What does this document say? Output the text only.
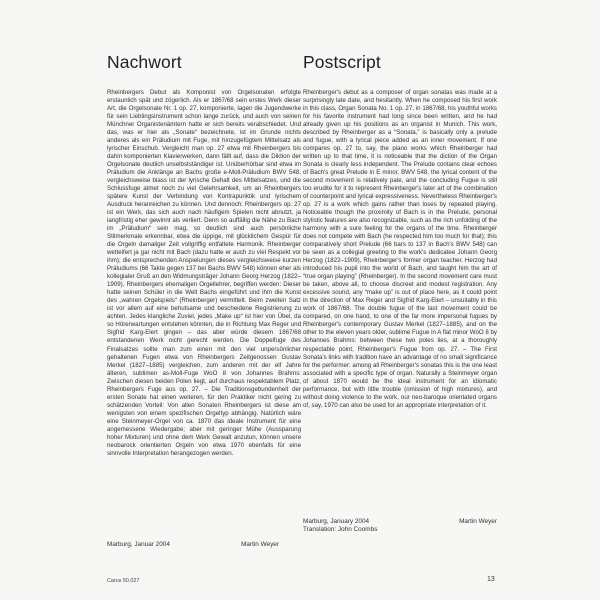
Nachwort

Rheinbergers Debut als Komponist von Orgelsonaten erfolgte erstaunlich spät und zögerlich. Als er 1867/68 sein erstes Werk dieser Art, die Orgelsonate Nr. 1 op. 27, komponierte, lagen die Jugendwerke für sein Lieblingsinstrument schon lange zurück, und auch von seinen Münchner Organistenämtern hatte er sich bereits verabschiedet. Und das, was er hier als „Sonate“ bezeichnete, ist im Grunde nichts anderes als ein Präludium mit Fuge, mit hinzugefügtem Mittelsatz als lyrischer Einschub. Vergleicht man op. 27 etwa mit Rheinbergers bis dahin komponierten Klavierwerken, dann fällt auf, dass die Diktion der Orgelsonate deutlich unselbstständiger ist. Unüberhörbar sind etwa im Präludium die Anklänge an Bachs große e-Moll-Präludium BWV 548, vergleichsweise blass ist der lyrische Gehalt des Mittelsatzes, und die Schlussfuge atmet noch zu viel Gelehrsamkeit, um an Rheinbergers spätere Kunst der Verbindung von Kontrapunktik und lyrischem Ausdruck heranreichen zu können. Und dennoch: Rheinbergers op. 27 ist ein Werk, das sich auch nach häufigem Spielen nicht abnutzt, ja langfristig eher gewinnt als verliert. Denn so auffällig die Nähe zu Bach im „Präludium“ sein mag, so deutlich sind auch persönliche Stilmerkmale erkennbar, etwa die üppige, mit glücklichem Gespür für die Orgeln damaliger Zeit vollgriffig entfaltete Harmonik. Rheinberger wetteifert ja gar nicht mit Bach (dazu hatte er auch zu viel Respekt vor ihm); die entsprechenden Anspielungen dieses vergleichsweise kurzen Präludiums (66 Takte gegen 137 bei Bachs BWV 548) können eher als kollegialer Gruß an den Widmungsträger Johann Georg Herzog (1822–1909), Rheinbergers ehemaligen Orgellehrer, begriffen werden: Dieser hatte seinen Schüler in die Welt Bachs eingeführt und ihm die Kunst des „wahren Orgelspiels“ (Rheinberger) vermittelt. Beim zweiten Satz ist vor allem auf eine behutsame und bescheidene Registrierung zu achten. Jedes klangliche Zuviel, jedes „Make up“ ist hier von Übel, da so Hörerwartungen entstehen könnten, die in Richtung Max Reger und Sigfrid Karg-Elert gingen – das aber würde diesem 1867/68 entstandenen Werk nicht gerecht werden. Die Doppelfuge des Finalsatzes sollte man zum einen mit den viel unpersönlicher gehaltenen Fugen etwa von Rheinbergers Zeitgenossen Gustav Merkel (1827–1885) vergleichen, zum anderen mit der elf Jahre älteren, sublimen as-Moll-Fuge WoO 8 von Johannes Brahms: Zwischen diesen beiden Polen liegt, auf durchaus respektablem Platz, Rheinbergers Fuge aus op. 27. – Die Traditionsgebundenheit der ersten Sonate hat einen weiteren, für den Praktiker nicht gering zu schätzenden Vorteil: Von allen Sonaten Rheinbergers ist diese am wenigsten von einem spezifischen Orgeltyp abhängig. Natürlich wäre eine Steinmeyer-Orgel von ca. 1870 das ideale Instrument für eine angemessene Wiedergabe; aber mit geringer Mühe (Aussparung hoher Mixturen) und ohne dem Werk Gewalt anzutun, können unsere neobarock orientierten Orgeln von etwa 1970 ebenfalls für eine sinnvolle Interpretation herangezogen werden.

Marburg, Januar 2004	Martin Weyer
Postscript

Rheinberger's debut as a composer of organ sonatas was made at a surprisingly late date, and hesitantly. When he composed his first work in this class, Organ Sonata No. 1 op. 27, in 1867/68, his youthful works for his favorite instrument had long since been written, and he had already given up his positions as an organist in Munich. This work, described by Rheinberger as a “Sonata,” is basically only a prelude and fugue, with a lyrical piece added as an inner movement. If one compares op. 27 to, say, the piano works which Rheinberger had written up to that time, it is noticeable that the diction of the Organ Sonata is clearly less independent. The Prelude contains clear echoes of Bach's great Prelude in E minor, BWV 548, the lyrical content of the second movement is relatively pale, and the concluding Fugue is still too erudite for it to represent Rheinberger's later art of the combination of counterpoint and lyrical expressiveness. Nevertheless Rheinberger's op. 27 is a work which gains rather than loses by repeated playing. Noticeable though the proximity of Bach is in the Prelude, personal stylistic features are also recognizable, such as the rich unfolding of the harmony with a sure feeling for the organs of the time. Rheinberger does not compete with Bach (he respected him too much for that); this comparatively short Prelude (66 bars to 137 in Bach's BWV 548) can be seen as a collegial greeting to the work's dedicatee Johann Georg Herzog (1822–1909), Rheinberger's former organ teacher. Herzog had introduced his pupil into the world of Bach, and taught him the art of “true organ playing” (Rheinberger). In the second movement care must be taken, above all, to choose discreet and modest registration. Any excessive sound, any “make up” is out of place here, as it could point in the direction of Max Reger and Sigfrid Karg-Elert – unsuitably in this work of 1867/68. The double fugue of the last movement could be compared, on one hand, to one of the far more impersonal fugues by Rheinberger's contemporary Gustav Merkel (1827–1885), and on the other to the eleven years older, sublime Fugue in A flat minor WoO 8 by Johannes Brahms: between these two poles lies, at a thoroughly respectable point, Rheinberger's Fugue from op. 27. – The First Sonata's links with tradition have an advantage of no small significance for the performer: among all Rheinberger's sonatas this is the one least associated with a specific type of organ. Naturally a Steinmeyer organ of about 1870 would be the ideal instrument for an idiomatic performance, but with little trouble (omission of high mixtures), and without doing violence to the work, our neo-baroque orientated organs of, say, 1970 can also be used for an appropriate interpretation of it.

Marburg, January 2004	Martin Weyer
Translation: John Coombs
Carus 50.027	13
